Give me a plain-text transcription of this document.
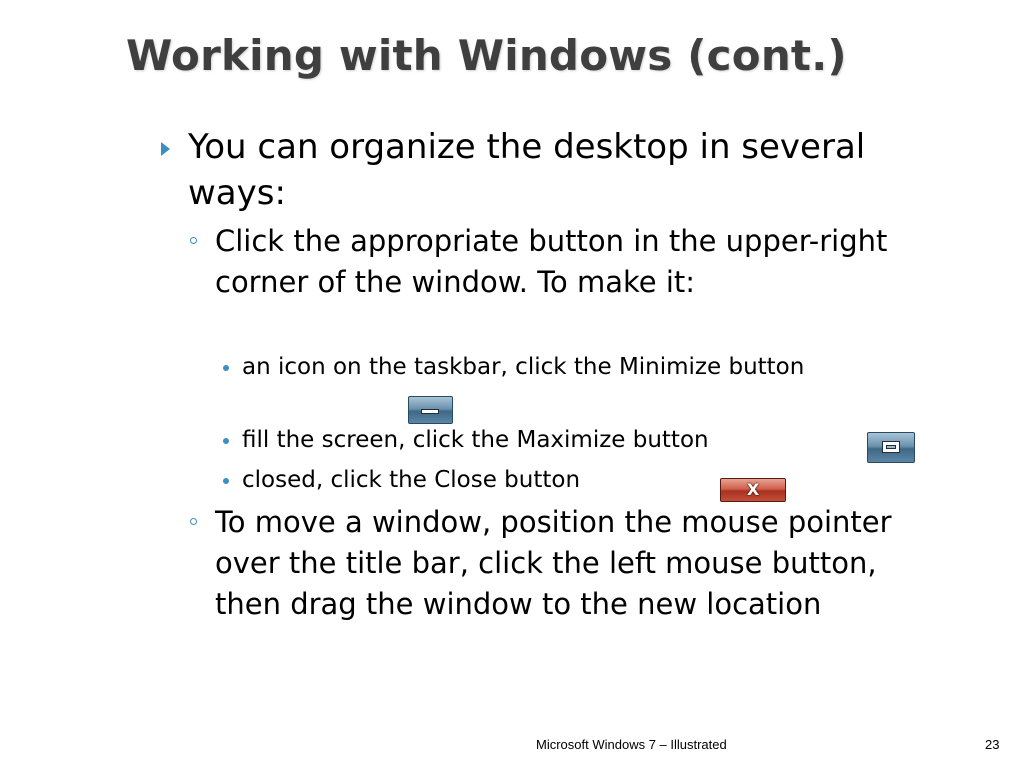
Working with Windows (cont.)

You can organize the desktop in several ways:

Click the appropriate button in the upper-right corner of the window. To make it:

an icon on the taskbar, click the Minimize button

fill the screen, click the Maximize button

closed, click the Close button

To move a window, position the mouse pointer over the title bar, click the left mouse button, then drag the window to the new location

X
Microsoft Windows 7 – Illustrated	23
